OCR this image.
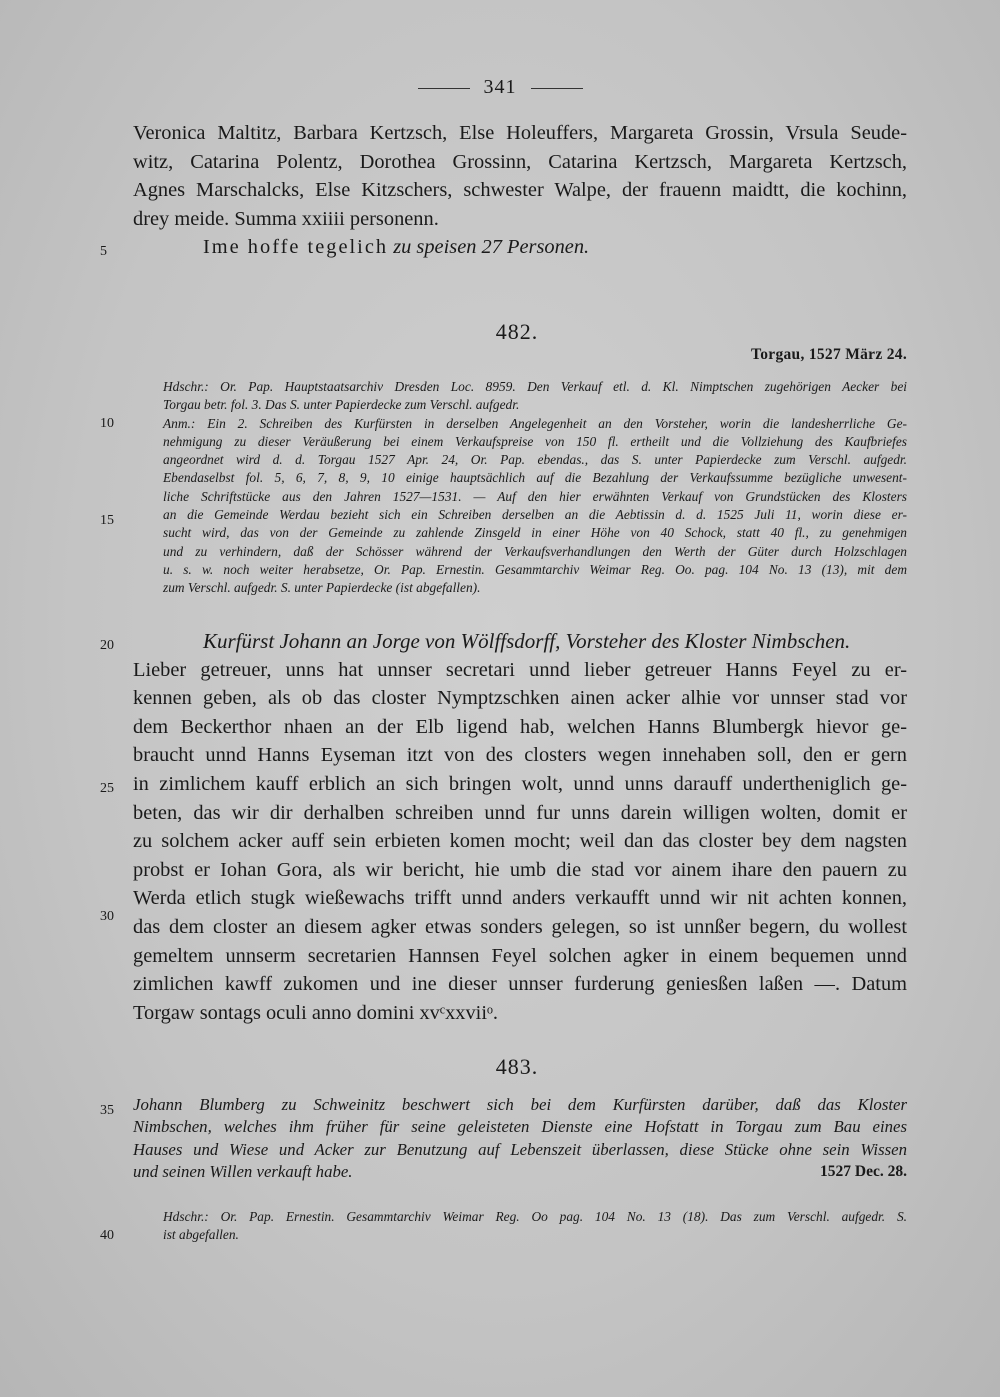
341
Veronica Maltitz, Barbara Kertzsch, Else Holeuffers, Margareta Grossin, Vrsula Seude-
witz, Catarina Polentz, Dorothea Grossinn, Catarina Kertzsch, Margareta Kertzsch,
Agnes Marschalcks, Else Kitzschers, schwester Walpe, der frauenn maidtt, die kochinn,
drey meide. Summa xxiiii personenn.
Ime hoffe tegelich zu speisen 27 Personen.
482.
Torgau, 1527 März 24.
Hdschr.: Or. Pap. Hauptstaatsarchiv Dresden Loc. 8959. Den Verkauf etl. d. Kl. Nimptschen zugehörigen Aecker bei
Torgau betr. fol. 3. Das S. unter Papierdecke zum Verschl. aufgedr.
Anm.: Ein 2. Schreiben des Kurfürsten in derselben Angelegenheit an den Vorsteher, worin die landesherrliche Ge-
nehmigung zu dieser Veräußerung bei einem Verkaufspreise von 150 fl. ertheilt und die Vollziehung des Kaufbriefes
angeordnet wird d. d. Torgau 1527 Apr. 24, Or. Pap. ebendas., das S. unter Papierdecke zum Verschl. aufgedr.
Ebendaselbst fol. 5, 6, 7, 8, 9, 10 einige hauptsächlich auf die Bezahlung der Verkaufssumme bezügliche unwesent-
liche Schriftstücke aus den Jahren 1527—1531. — Auf den hier erwähnten Verkauf von Grundstücken des Klosters
an die Gemeinde Werdau bezieht sich ein Schreiben derselben an die Aebtissin d. d. 1525 Juli 11, worin diese er-
sucht wird, das von der Gemeinde zu zahlende Zinsgeld in einer Höhe von 40 Schock, statt 40 fl., zu genehmigen
und zu verhindern, daß der Schösser während der Verkaufsverhandlungen den Werth der Güter durch Holzschlagen
u. s. w. noch weiter herabsetze, Or. Pap. Ernestin. Gesammtarchiv Weimar Reg. Oo. pag. 104 No. 13 (13), mit dem
zum Verschl. aufgedr. S. unter Papierdecke (ist abgefallen).
Kurfürst Johann an Jorge von Wölffsdorff, Vorsteher des Kloster Nimbschen.
Lieber getreuer, unns hat unnser secretari unnd lieber getreuer Hanns Feyel zu er-
kennen geben, als ob das closter Nymptzschken ainen acker alhie vor unnser stad vor
dem Beckerthor nhaen an der Elb ligend hab, welchen Hanns Blumbergk hievor ge-
braucht unnd Hanns Eyseman itzt von des closters wegen innehaben soll, den er gern
in zimlichem kauff erblich an sich bringen wolt, unnd unns darauff undertheniglich ge-
beten, das wir dir derhalben schreiben unnd fur unns darein willigen wolten, domit er
zu solchem acker auff sein erbieten komen mocht; weil dan das closter bey dem nagsten
probst er Iohan Gora, als wir bericht, hie umb die stad vor ainem ihare den pauern zu
Werda etlich stugk wießewachs trifft unnd anders verkaufft unnd wir nit achten konnen,
das dem closter an diesem agker etwas sonders gelegen, so ist unnßer begern, du wollest
gemeltem unnserm secretarien Hannsen Feyel solchen agker in einem bequemen unnd
zimlichen kawff zukomen und ine dieser unnser furderung geniesßen laßen —. Datum
Torgaw sontags oculi anno domini xvᶜxxviiᵒ.
483.
Johann Blumberg zu Schweinitz beschwert sich bei dem Kurfürsten darüber, daß das Kloster
Nimbschen, welches ihm früher für seine geleisteten Dienste eine Hofstatt in Torgau zum Bau eines
Hauses und Wiese und Acker zur Benutzung auf Lebenszeit überlassen, diese Stücke ohne sein Wissen
und seinen Willen verkauft habe.	1527 Dec. 28.
Hdschr.: Or. Pap. Ernestin. Gesammtarchiv Weimar Reg. Oo pag. 104 No. 13 (18). Das zum Verschl. aufgedr. S.
ist abgefallen.
5
10
15
20
25
30
35
40
